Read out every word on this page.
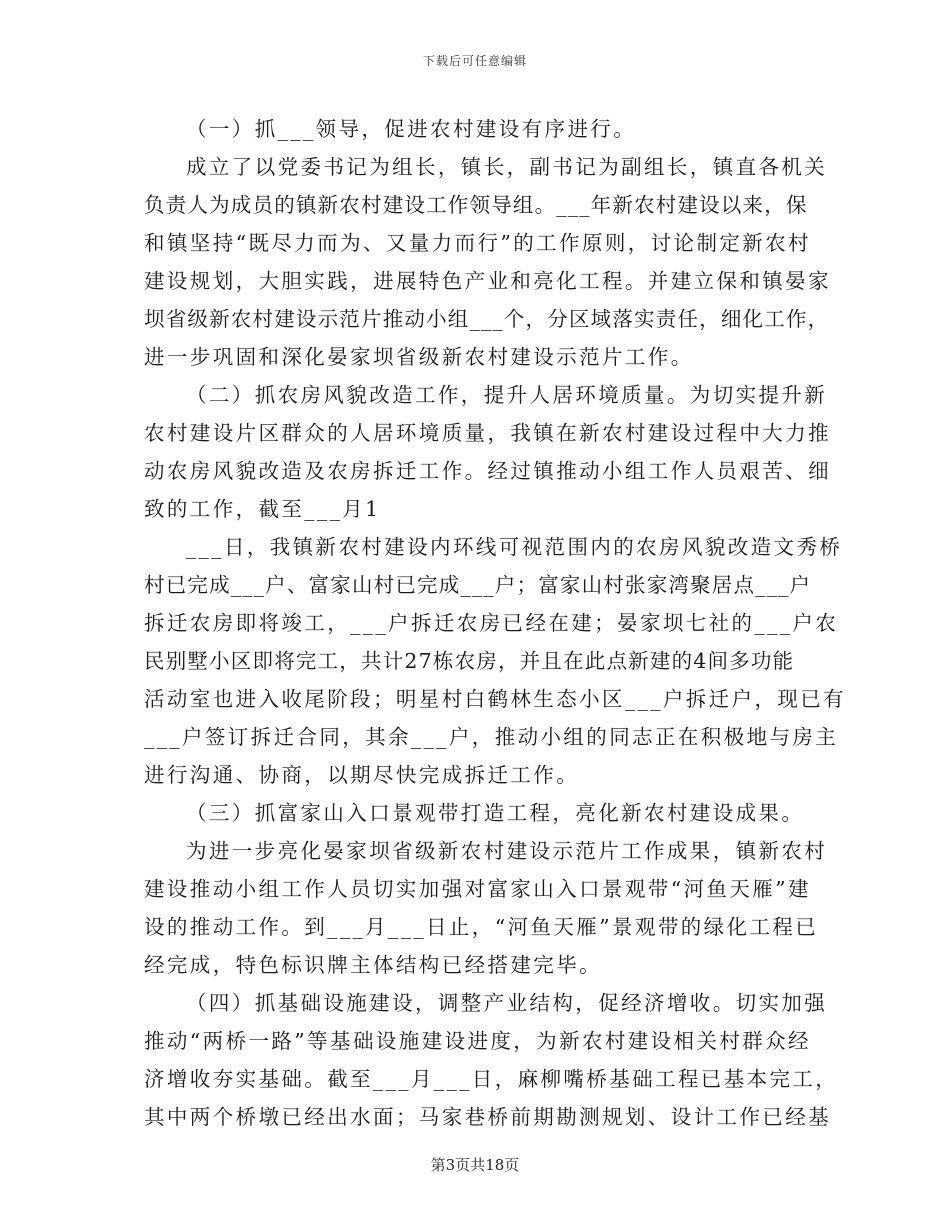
下载后可任意编辑
（一）抓___领导，促进农村建设有序进行。
成立了以党委书记为组长，镇长，副书记为副组长，镇直各机关
负责人为成员的镇新农村建设工作领导组。___年新农村建设以来，保
和镇坚持“既尽力而为、又量力而行”的工作原则，讨论制定新农村
建设规划，大胆实践，进展特色产业和亮化工程。并建立保和镇晏家
坝省级新农村建设示范片推动小组___个，分区域落实责任，细化工作，
进一步巩固和深化晏家坝省级新农村建设示范片工作。
（二）抓农房风貌改造工作，提升人居环境质量。为切实提升新
农村建设片区群众的人居环境质量，我镇在新农村建设过程中大力推
动农房风貌改造及农房拆迁工作。经过镇推动小组工作人员艰苦、细
致的工作，截至___月1
___日，我镇新农村建设内环线可视范围内的农房风貌改造文秀桥
村已完成___户、富家山村已完成___户；富家山村张家湾聚居点___户
拆迁农房即将竣工，___户拆迁农房已经在建；晏家坝七社的___户农
民别墅小区即将完工，共计27栋农房，并且在此点新建的4间多功能
活动室也进入收尾阶段；明星村白鹤林生态小区___户拆迁户，现已有
___户签订拆迁合同，其余___户，推动小组的同志正在积极地与房主
进行沟通、协商，以期尽快完成拆迁工作。
（三）抓富家山入口景观带打造工程，亮化新农村建设成果。
为进一步亮化晏家坝省级新农村建设示范片工作成果，镇新农村
建设推动小组工作人员切实加强对富家山入口景观带“河鱼天雁”建
设的推动工作。到___月___日止，“河鱼天雁”景观带的绿化工程已
经完成，特色标识牌主体结构已经搭建完毕。
（四）抓基础设施建设，调整产业结构，促经济增收。切实加强
推动“两桥一路”等基础设施建设进度，为新农村建设相关村群众经
济增收夯实基础。截至___月___日，麻柳嘴桥基础工程已基本完工，
其中两个桥墩已经出水面；马家巷桥前期勘测规划、设计工作已经基
第3页共18页
